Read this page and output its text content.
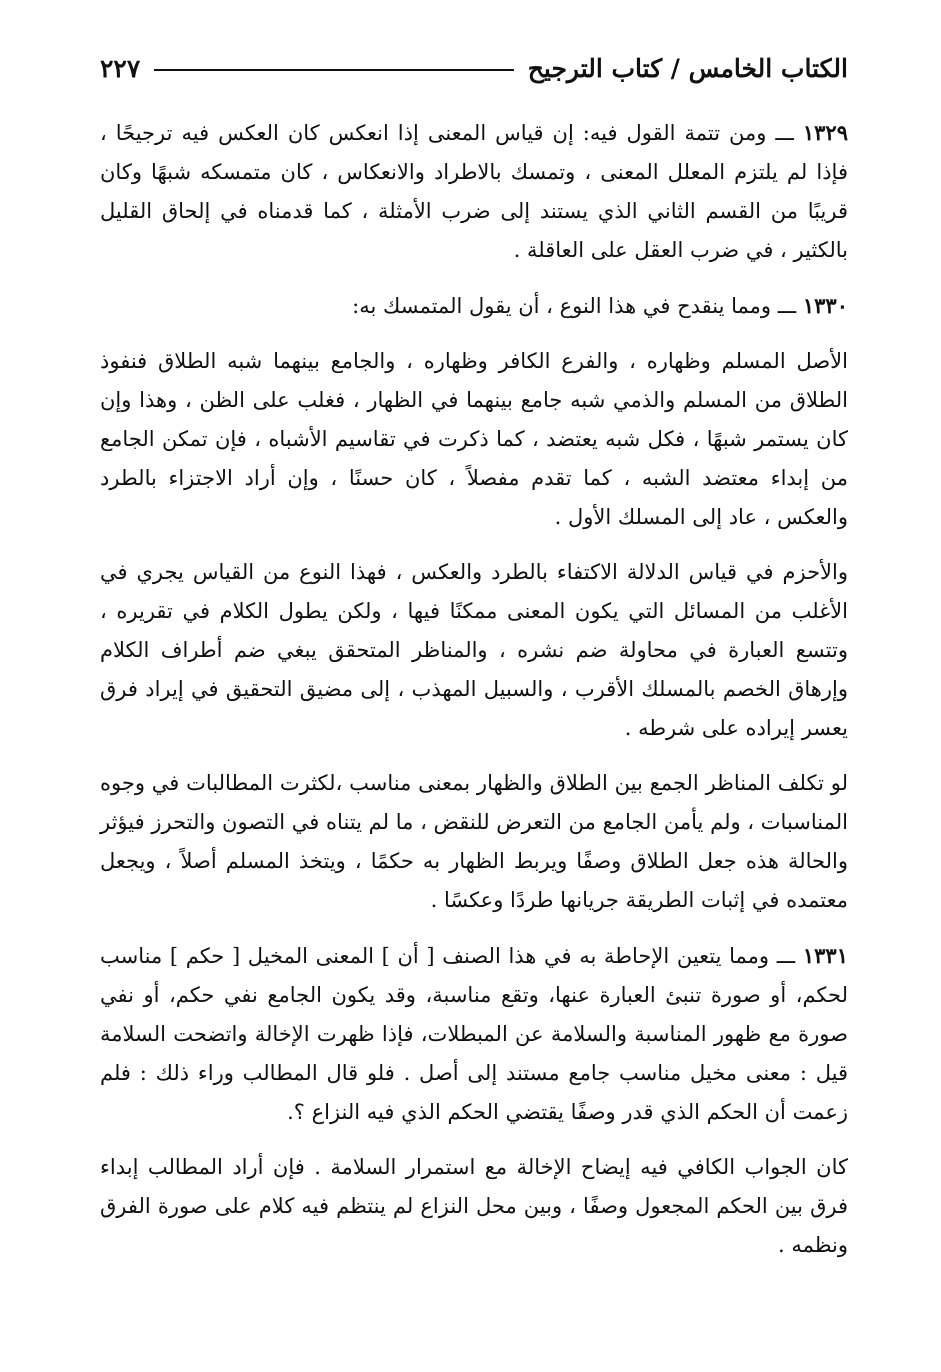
الكتاب الخامس / كتاب الترجيح
٢٢٧

١٣٢٩ ـــ ومن تتمة القول فيه: إن قياس المعنى إذا انعكس كان العكس فيه ترجيحًا ، فإذا لم يلتزم المعلل المعنى ، وتمسك بالاطراد والانعكاس ، كان متمسكه شبهًا وكان قريبًا من القسم الثاني الذي يستند إلى ضرب الأمثلة ، كما قدمناه في إلحاق القليل بالكثير ، في ضرب العقل على العاقلة .

١٣٣٠ ـــ ومما ينقدح في هذا النوع ، أن يقول المتمسك به:

الأصل المسلم وظهاره ، والفرع الكافر وظهاره ، والجامع بينهما شبه الطلاق فنفوذ الطلاق من المسلم والذمي شبه جامع بينهما في الظهار ، فغلب على الظن ، وهذا وإن كان يستمر شبهًا ، فكل شبه يعتضد ، كما ذكرت في تقاسيم الأشباه ، فإن تمكن الجامع من إبداء معتضد الشبه ، كما تقدم مفصلاً ، كان حسنًا ، وإن أراد الاجتزاء بالطرد والعكس ، عاد إلى المسلك الأول .

والأحزم في قياس الدلالة الاكتفاء بالطرد والعكس ، فهذا النوع من القياس يجري في الأغلب من المسائل التي يكون المعنى ممكنًا فيها ، ولكن يطول الكلام في تقريره ، وتتسع العبارة في محاولة ضم نشره ، والمناظر المتحقق يبغي ضم أطراف الكلام وإرهاق الخصم بالمسلك الأقرب ، والسبيل المهذب ، إلى مضيق التحقيق في إيراد فرق يعسر إيراده على شرطه .

لو تكلف المناظر الجمع بين الطلاق والظهار بمعنى مناسب ،لكثرت المطالبات في وجوه المناسبات ، ولم يأمن الجامع من التعرض للنقض ، ما لم يتناه في التصون والتحرز فيؤثر والحالة هذه جعل الطلاق وصفًا ويربط الظهار به حكمًا ، ويتخذ المسلم أصلاً ، ويجعل معتمده في إثبات الطريقة جريانها طردًا وعكسًا .

١٣٣١ ـــ ومما يتعين الإحاطة به في هذا الصنف [ أن ] المعنى المخيل [ حكم ] مناسب لحكم، أو صورة تنبئ العبارة عنها، وتقع مناسبة، وقد يكون الجامع نفي حكم، أو نفي صورة مع ظهور المناسبة والسلامة عن المبطلات، فإذا ظهرت الإخالة واتضحت السلامة قيل : معنى مخيل مناسب جامع مستند إلى أصل . فلو قال المطالب وراء ذلك : فلم زعمت أن الحكم الذي قدر وصفًا يقتضي الحكم الذي فيه النزاع ؟.

كان الجواب الكافي فيه إيضاح الإخالة مع استمرار السلامة . فإن أراد المطالب إبداء فرق بين الحكم المجعول وصفًا ، وبين محل النزاع لم ينتظم فيه كلام على صورة الفرق ونظمه .
